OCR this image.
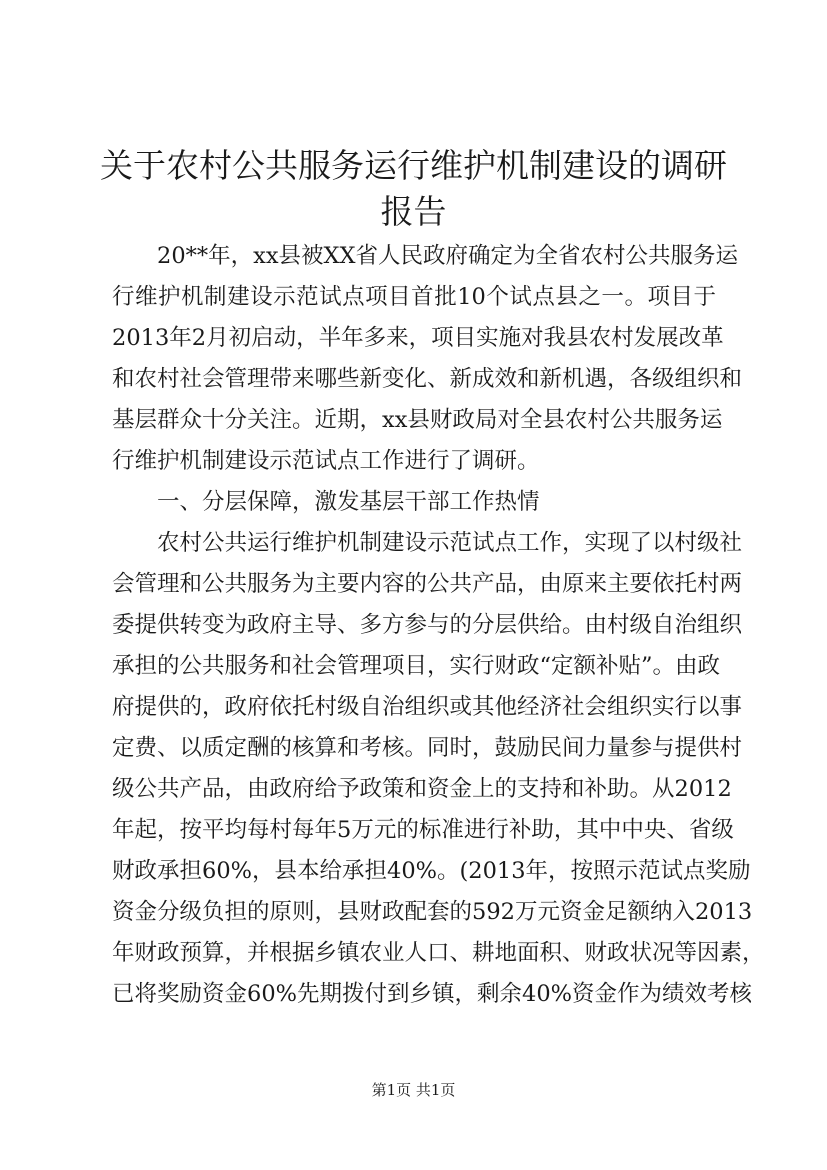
关于农村公共服务运行维护机制建设的调研报告

20**年，xx县被XX省人民政府确定为全省农村公共服务运

行维护机制建设示范试点项目首批10个试点县之一。项目于

2013年2月初启动，半年多来，项目实施对我县农村发展改革

和农村社会管理带来哪些新变化、新成效和新机遇，各级组织和

基层群众十分关注。近期，xx县财政局对全县农村公共服务运

行维护机制建设示范试点工作进行了调研。

一、分层保障，激发基层干部工作热情

农村公共运行维护机制建设示范试点工作，实现了以村级社

会管理和公共服务为主要内容的公共产品，由原来主要依托村两

委提供转变为政府主导、多方参与的分层供给。由村级自治组织

承担的公共服务和社会管理项目，实行财政“定额补贴”。由政

府提供的，政府依托村级自治组织或其他经济社会组织实行以事

定费、以质定酬的核算和考核。同时，鼓励民间力量参与提供村

级公共产品，由政府给予政策和资金上的支持和补助。从2012

年起，按平均每村每年5万元的标准进行补助，其中中央、省级

财政承担60%，县本给承担40%。(2013年，按照示范试点奖励

资金分级负担的原则，县财政配套的592万元资金足额纳入2013

年财政预算，并根据乡镇农业人口、耕地面积、财政状况等因素，

已将奖励资金60%先期拨付到乡镇，剩余40%资金作为绩效考核

第1页 共1页
